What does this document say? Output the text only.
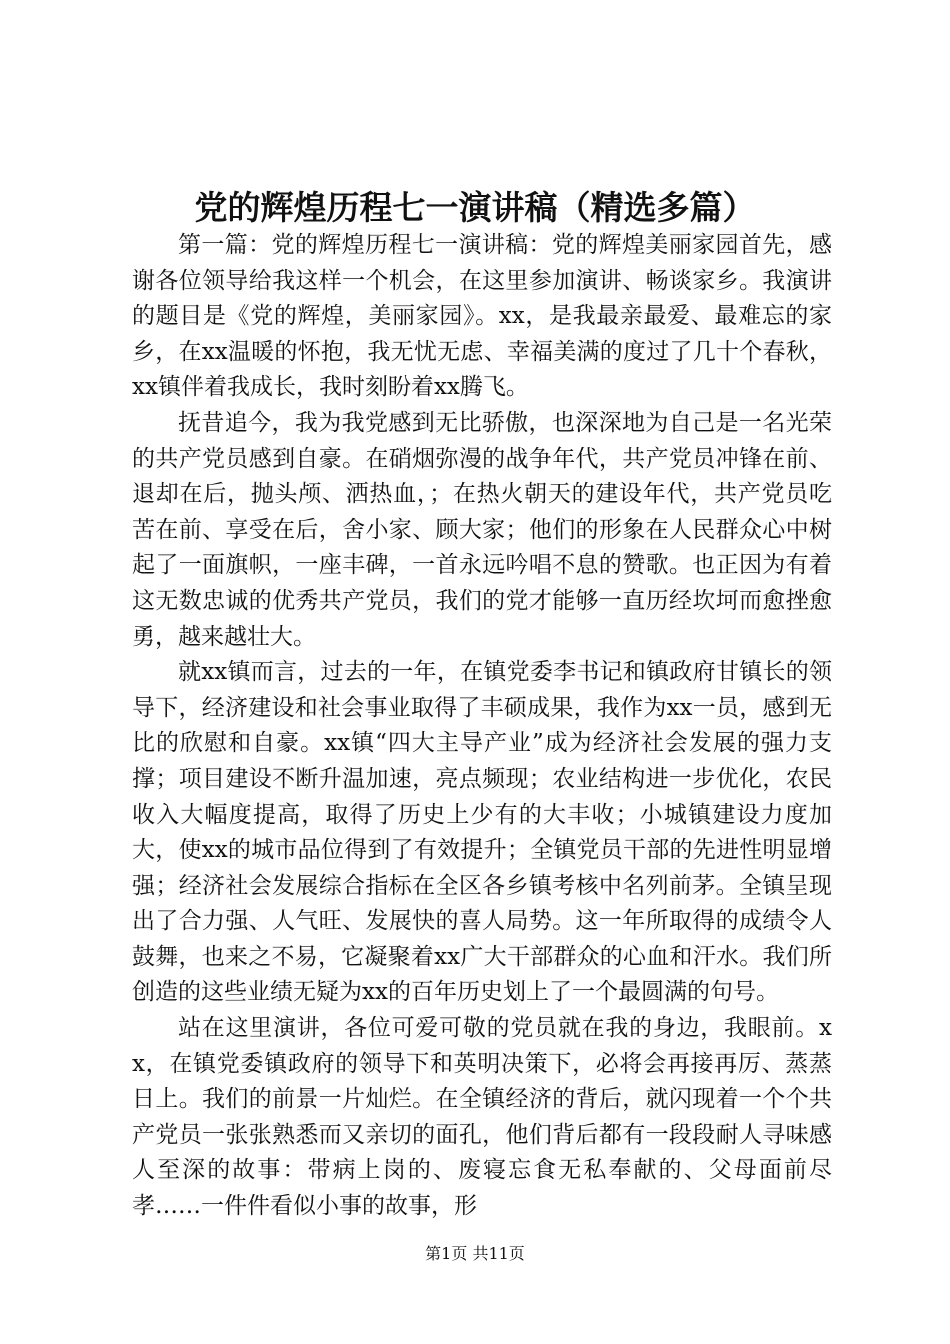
党的辉煌历程七一演讲稿（精选多篇）

第一篇：党的辉煌历程七一演讲稿：党的辉煌美丽家园首先，感谢各位领导给我这样一个机会，在这里参加演讲、畅谈家乡。我演讲的题目是《党的辉煌，美丽家园》。xx，是我最亲最爱、最难忘的家乡，在xx温暖的怀抱，我无忧无虑、幸福美满的度过了几十个春秋，xx镇伴着我成长，我时刻盼着xx腾飞。

抚昔追今，我为我党感到无比骄傲，也深深地为自己是一名光荣的共产党员感到自豪。在硝烟弥漫的战争年代，共产党员冲锋在前、退却在后，抛头颅、洒热血，；在热火朝天的建设年代，共产党员吃苦在前、享受在后，舍小家、顾大家；他们的形象在人民群众心中树起了一面旗帜，一座丰碑，一首永远吟唱不息的赞歌。也正因为有着这无数忠诚的优秀共产党员，我们的党才能够一直历经坎坷而愈挫愈勇，越来越壮大。

就xx镇而言，过去的一年，在镇党委李书记和镇政府甘镇长的领导下，经济建设和社会事业取得了丰硕成果，我作为xx一员，感到无比的欣慰和自豪。xx镇“四大主导产业”成为经济社会发展的强力支撑；项目建设不断升温加速，亮点频现；农业结构进一步优化，农民收入大幅度提高，取得了历史上少有的大丰收；小城镇建设力度加大，使xx的城市品位得到了有效提升；全镇党员干部的先进性明显增强；经济社会发展综合指标在全区各乡镇考核中名列前茅。全镇呈现出了合力强、人气旺、发展快的喜人局势。这一年所取得的成绩令人鼓舞，也来之不易，它凝聚着xx广大干部群众的心血和汗水。我们所创造的这些业绩无疑为xx的百年历史划上了一个最圆满的句号。

站在这里演讲，各位可爱可敬的党员就在我的身边，我眼前。xx，在镇党委镇政府的领导下和英明决策下，必将会再接再厉、蒸蒸日上。我们的前景一片灿烂。在全镇经济的背后，就闪现着一个个共产党员一张张熟悉而又亲切的面孔，他们背后都有一段段耐人寻味感人至深的故事：带病上岗的、废寝忘食无私奉献的、父母面前尽孝……一件件看似小事的故事，形

第1页 共11页
